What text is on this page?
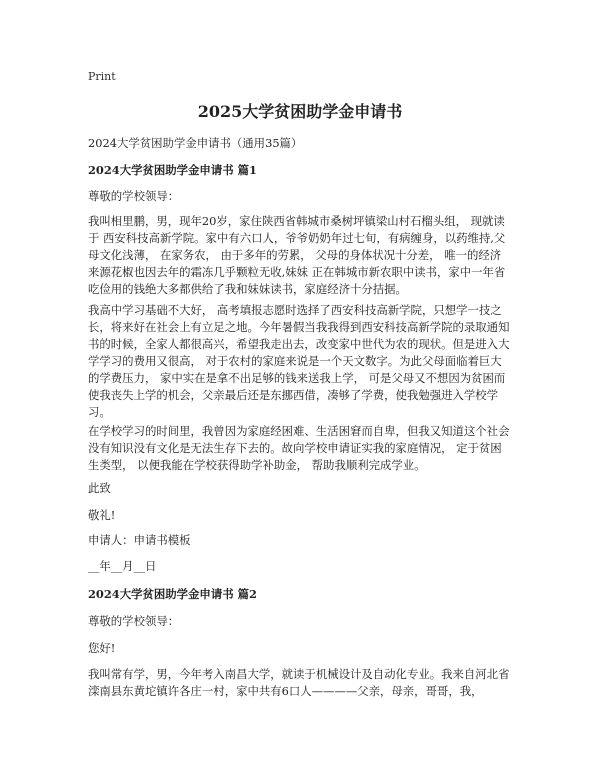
Print
2025大学贫困助学金申请书
2024大学贫困助学金申请书（通用35篇）
2024大学贫困助学金申请书 篇1
尊敬的学校领导：
我叫相里鹏，男，现年20岁，家住陕西省韩城市桑树坪镇梁山村石榴头组， 现就读于 西安科技高新学院。家中有六口人，爷爷奶奶年过七旬，有病缠身，以药维持,父母文化浅薄， 在家务农， 由于多年的劳累， 父母的身体状况十分差， 唯一的经济来源花椒也因去年的霜冻几乎颗粒无收,妹妹 正在韩城市新农职中读书，家中一年省吃俭用的钱绝大多都供给了我和妹妹读书，家庭经济十分拮据。
我高中学习基础不大好， 高考填报志愿时选择了西安科技高新学院，只想学一技之长，将来好在社会上有立足之地。今年暑假当我我得到西安科技高新学院的录取通知书的时候，全家人都很高兴，希望我走出去，改变家中世代为农的现状。但是进入大学学习的费用又很高， 对于农村的家庭来说是一个天文数字。为此父母面临着巨大的学费压力， 家中实在是拿不出足够的钱来送我上学， 可是父母又不想因为贫困而使我丧失上学的机会，父亲最后还是东挪西借，凑够了学费，使我勉强进入学校学习。
在学校学习的时间里，我曾因为家庭经困难、生活困窘而自卑，但我又知道这个社会没有知识没有文化是无法生存下去的。故向学校申请证实我的家庭情况， 定于贫困生类型， 以便我能在学校获得助学补助金， 帮助我顺利完成学业。
此致
敬礼!
申请人：申请书模板
__年__月__日
2024大学贫困助学金申请书 篇2
尊敬的学校领导：
您好!
我叫常有学，男，今年考入南昌大学，就读于机械设计及自动化专业。我来自河北省滦南县东黄坨镇许各庄一村，家中共有6口人————父亲，母亲，哥哥，我，
